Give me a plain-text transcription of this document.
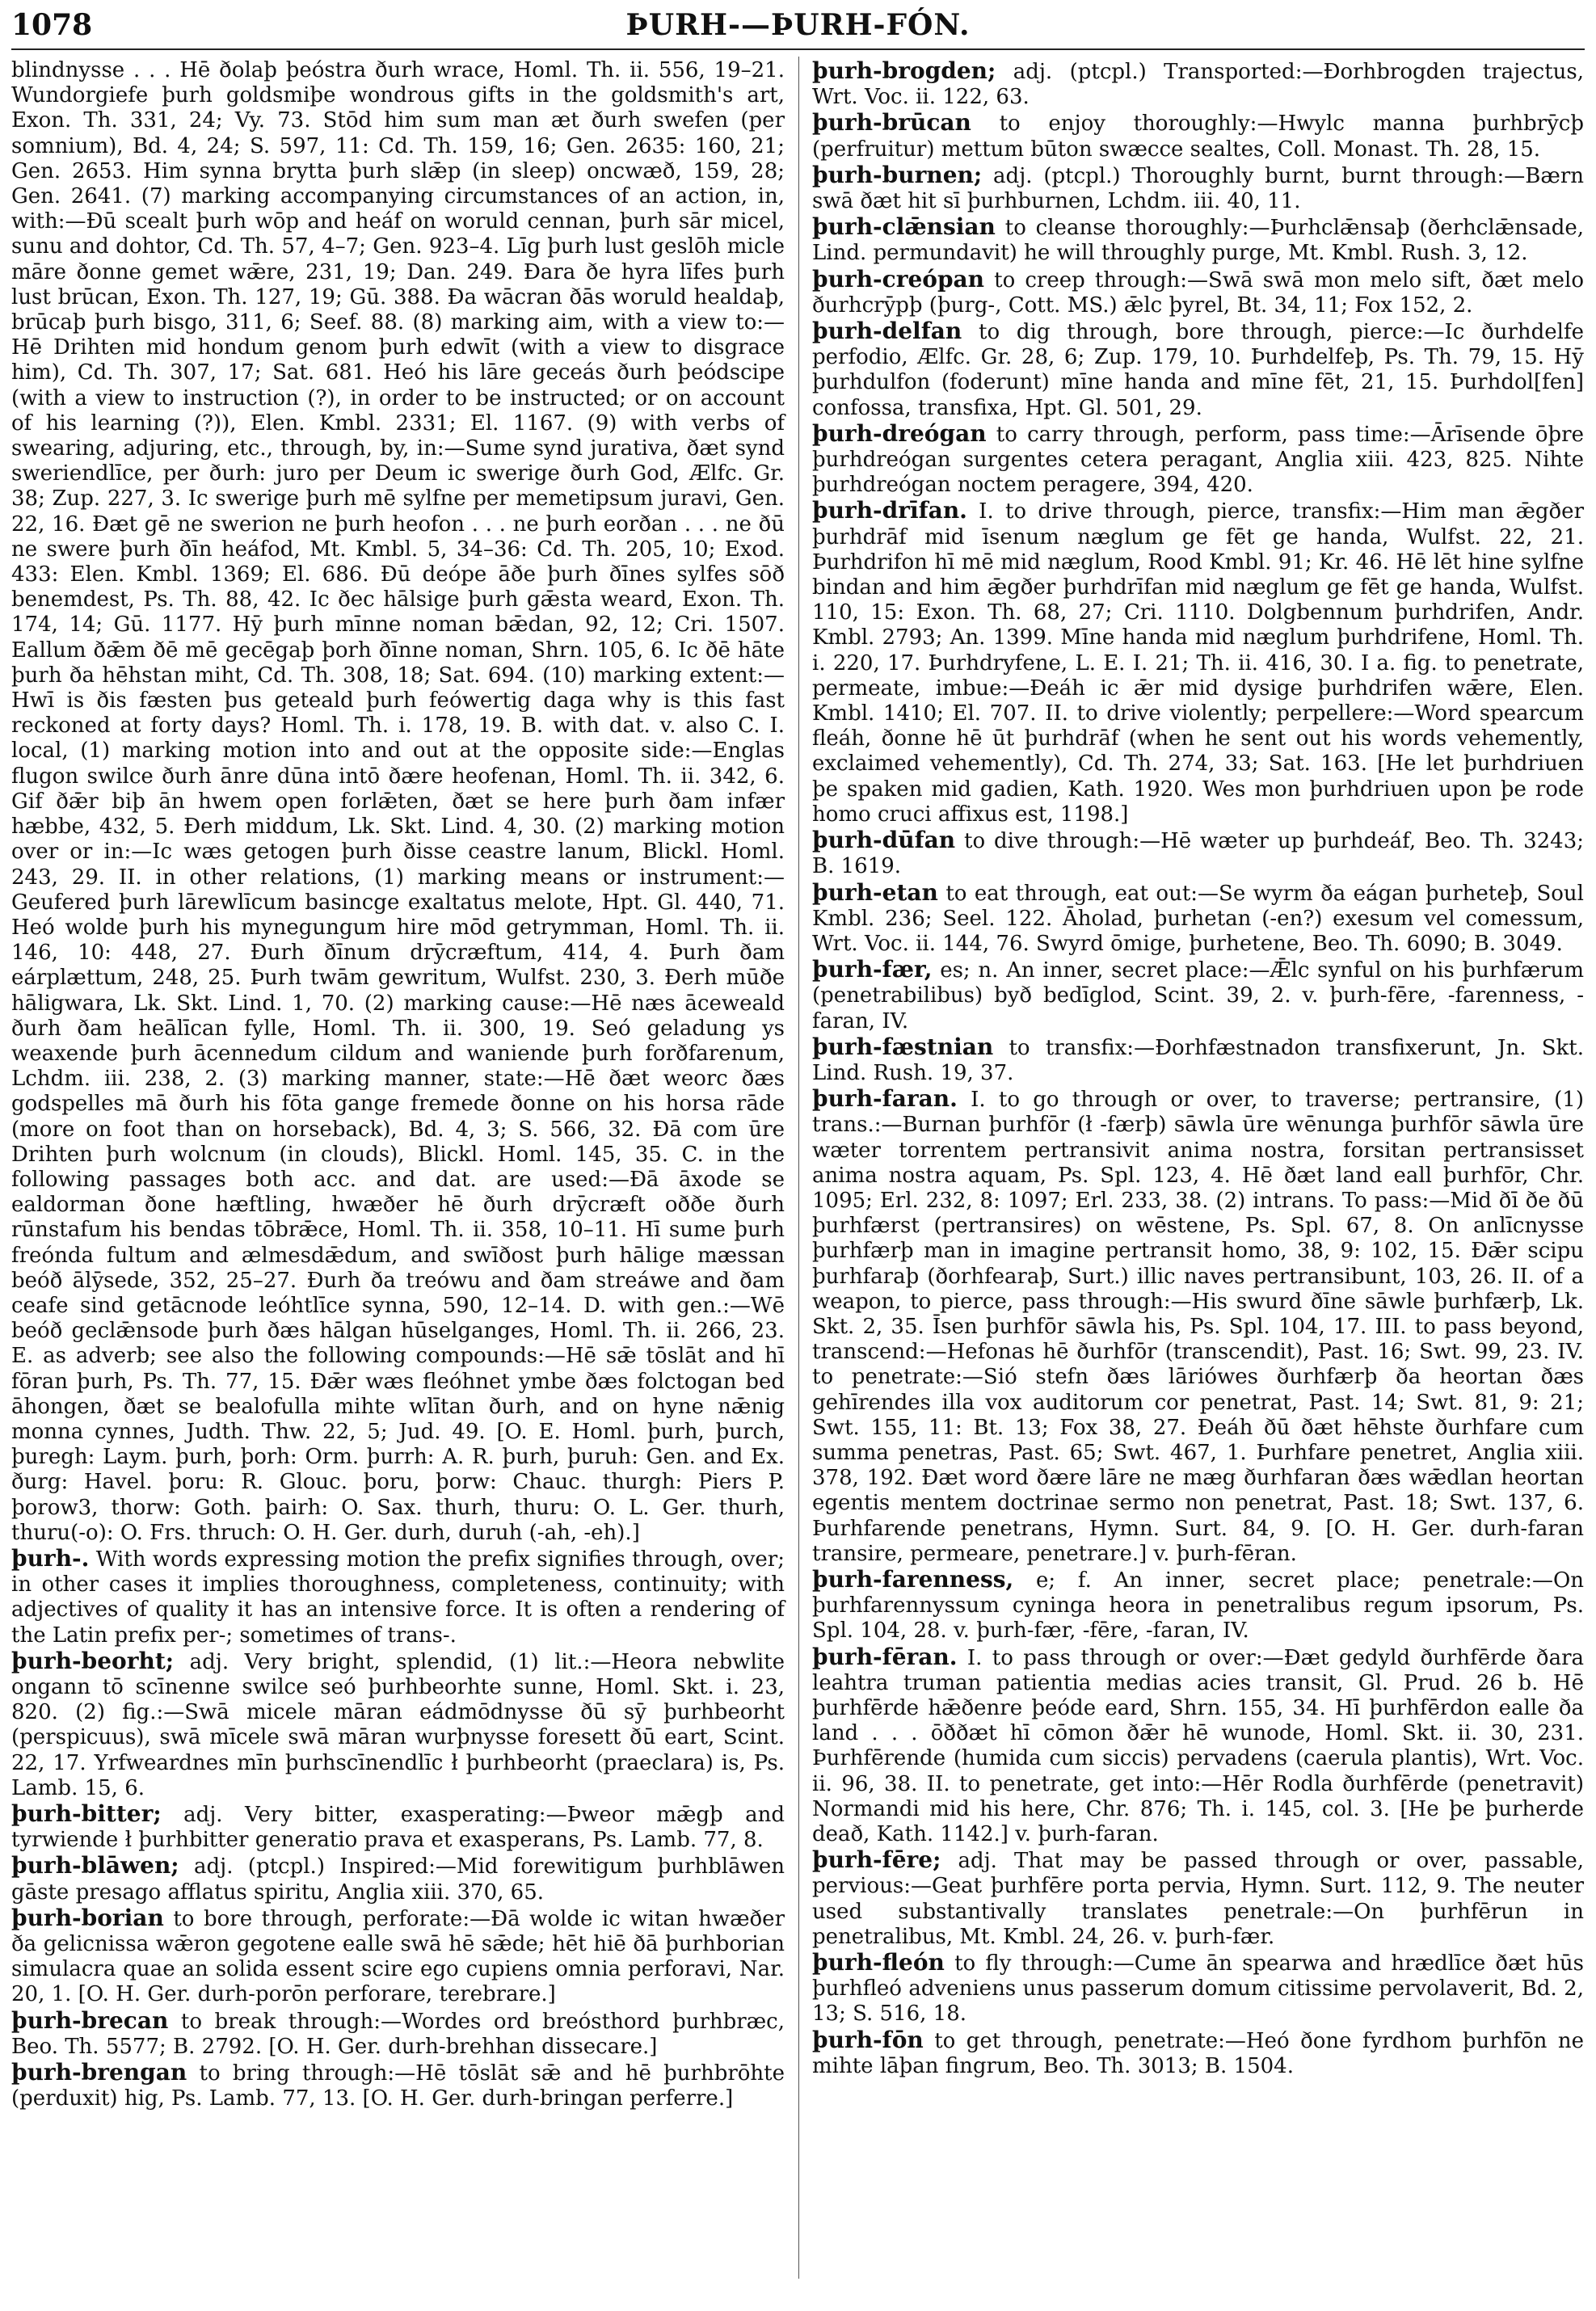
1078	ÞURH-—ÞURH-FÓN.

blindnysse . . . Hē ðolaþ þeóstra ðurh wrace, Homl. Th. ii. 556, 19–21. Wundorgiefe þurh goldsmiþe wondrous gifts in the goldsmith's art, Exon. Th. 331, 24; Vy. 73. Stōd him sum man æt ðurh swefen (per somnium), Bd. 4, 24; S. 597, 11: Cd. Th. 159, 16; Gen. 2635: 160, 21; Gen. 2653. Him synna brytta þurh slǣp (in sleep) oncwæð, 159, 28; Gen. 2641. (7) marking accompanying circumstances of an action, in, with:—Ðū scealt þurh wōp and heáf on woruld cennan, þurh sār micel, sunu and dohtor, Cd. Th. 57, 4–7; Gen. 923–4. Līg þurh lust geslōh micle māre ðonne gemet wǣre, 231, 19; Dan. 249. Ðara ðe hyra līfes þurh lust brūcan, Exon. Th. 127, 19; Gū. 388. Ða wācran ðās woruld healdaþ, brūcaþ þurh bisgo, 311, 6; Seef. 88. (8) marking aim, with a view to:—Hē Drihten mid hondum genom þurh edwīt (with a view to disgrace him), Cd. Th. 307, 17; Sat. 681. Heó his lāre geceás ðurh þeódscipe (with a view to instruction (?), in order to be instructed; or on account of his learning (?)), Elen. Kmbl. 2331; El. 1167. (9) with verbs of swearing, adjuring, etc., through, by, in:—Sume synd jurativa, ðæt synd sweriendlīce, per ðurh: juro per Deum ic swerige ðurh God, Ælfc. Gr. 38; Zup. 227, 3. Ic swerige þurh mē sylfne per memetipsum juravi, Gen. 22, 16. Ðæt gē ne swerion ne þurh heofon . . . ne þurh eorðan . . . ne ðū ne swere þurh ðīn heáfod, Mt. Kmbl. 5, 34–36: Cd. Th. 205, 10; Exod. 433: Elen. Kmbl. 1369; El. 686. Ðū deópe āðe þurh ðīnes sylfes sōð benemdest, Ps. Th. 88, 42. Ic ðec hālsige þurh gǣsta weard, Exon. Th. 174, 14; Gū. 1177. Hȳ þurh mīnne noman bǣdan, 92, 12; Cri. 1507. Eallum ðǣm ðē mē gecēgaþ þorh ðīnne noman, Shrn. 105, 6. Ic ðē hāte þurh ða hēhstan miht, Cd. Th. 308, 18; Sat. 694. (10) marking extent:—Hwī is ðis fæsten þus geteald þurh feówertig daga why is this fast reckoned at forty days? Homl. Th. i. 178, 19. B. with dat. v. also C. I. local, (1) marking motion into and out at the opposite side:—Englas flugon swilce ðurh ānre dūna intō ðære heofenan, Homl. Th. ii. 342, 6. Gif ðǣr biþ ān hwem open forlǣten, ðæt se here þurh ðam infær hæbbe, 432, 5. Ðerh middum, Lk. Skt. Lind. 4, 30. (2) marking motion over or in:—Ic wæs getogen þurh ðisse ceastre lanum, Blickl. Homl. 243, 29. II. in other relations, (1) marking means or instrument:—Geufered þurh lārewlīcum basincge exaltatus melote, Hpt. Gl. 440, 71. Heó wolde þurh his mynegungum hire mōd getrymman, Homl. Th. ii. 146, 10: 448, 27. Ðurh ðīnum drȳcræftum, 414, 4. Þurh ðam eárplættum, 248, 25. Þurh twām gewritum, Wulfst. 230, 3. Ðerh mūðe hāligwara, Lk. Skt. Lind. 1, 70. (2) marking cause:—Hē næs āceweald ðurh ðam heālīcan fylle, Homl. Th. ii. 300, 19. Seó geladung ys weaxende þurh ācennedum cildum and waniende þurh forðfarenum, Lchdm. iii. 238, 2. (3) marking manner, state:—Hē ðæt weorc ðæs godspelles mā ðurh his fōta gange fremede ðonne on his horsa rāde (more on foot than on horseback), Bd. 4, 3; S. 566, 32. Ðā com ūre Drihten þurh wolcnum (in clouds), Blickl. Homl. 145, 35. C. in the following passages both acc. and dat. are used:—Ðā āxode se ealdorman ðone hæftling, hwæðer hē ðurh drȳcræft oððe ðurh rūnstafum his bendas tōbrǣce, Homl. Th. ii. 358, 10–11. Hī sume þurh freónda fultum and ælmesdǣdum, and swīðost þurh hālige mæssan beóð ālȳsede, 352, 25–27. Ðurh ða treówu and ðam streáwe and ðam ceafe sind getācnode leóhtlīce synna, 590, 12–14. D. with gen.:—Wē beóð geclǣnsode þurh ðæs hālgan hūselganges, Homl. Th. ii. 266, 23. E. as adverb; see also the following compounds:—Hē sǣ tōslāt and hī fōran þurh, Ps. Th. 77, 15. Ðǣr wæs fleóhnet ymbe ðæs folctogan bed āhongen, ðæt se bealofulla mihte wlītan ðurh, and on hyne nǣnig monna cynnes, Judth. Thw. 22, 5; Jud. 49. [O. E. Homl. þurh, þurch, þuregh: Laym. þurh, þorh: Orm. þurrh: A. R. þurh, þuruh: Gen. and Ex. ðurg: Havel. þoru: R. Glouc. þoru, þorw: Chauc. thurgh: Piers P. þorow3, thorw: Goth. þairh: O. Sax. thurh, thuru: O. L. Ger. thurh, thuru(-o): O. Frs. thruch: O. H. Ger. durh, duruh (-ah, -eh).]

þurh-. With words expressing motion the prefix signifies through, over; in other cases it implies thoroughness, completeness, continuity; with adjectives of quality it has an intensive force. It is often a rendering of the Latin prefix per-; sometimes of trans-.

þurh-beorht; adj. Very bright, splendid, (1) lit.:—Heora nebwlite ongann tō scīnenne swilce seó þurhbeorhte sunne, Homl. Skt. i. 23, 820. (2) fig.:—Swā micele māran eádmōdnysse ðū sȳ þurhbeorht (perspicuus), swā mīcele swā māran wurþnysse foresett ðū eart, Scint. 22, 17. Yrfweardnes mīn þurhscīnendlīc ł þurhbeorht (praeclara) is, Ps. Lamb. 15, 6.

þurh-bitter; adj. Very bitter, exasperating:—Þweor mǣgþ and tyrwiende ł þurhbitter generatio prava et exasperans, Ps. Lamb. 77, 8.

þurh-blāwen; adj. (ptcpl.) Inspired:—Mid forewitigum þurhblāwen gāste presago afflatus spiritu, Anglia xiii. 370, 65.

þurh-borian to bore through, perforate:—Ðā wolde ic witan hwæðer ða gelicnissa wǣron gegotene ealle swā hē sǣde; hēt hiē ðā þurhborian simulacra quae an solida essent scire ego cupiens omnia perforavi, Nar. 20, 1. [O. H. Ger. durh-porōn perforare, terebrare.]

þurh-brecan to break through:—Wordes ord breósthord þurhbræc, Beo. Th. 5577; B. 2792. [O. H. Ger. durh-brehhan dissecare.]

þurh-brengan to bring through:—Hē tōslāt sǣ and hē þurhbrōhte (perduxit) hig, Ps. Lamb. 77, 13. [O. H. Ger. durh-bringan perferre.]

þurh-brogden; adj. (ptcpl.) Transported:—Ðorhbrogden trajectus, Wrt. Voc. ii. 122, 63.

þurh-brūcan to enjoy thoroughly:—Hwylc manna þurhbrȳcþ (perfruitur) mettum būton swæcce sealtes, Coll. Monast. Th. 28, 15.

þurh-burnen; adj. (ptcpl.) Thoroughly burnt, burnt through:—Bærn swā ðæt hit sī þurhburnen, Lchdm. iii. 40, 11.

þurh-clǣnsian to cleanse thoroughly:—Þurhclǣnsaþ (ðerhclǣnsade, Lind. permundavit) he will throughly purge, Mt. Kmbl. Rush. 3, 12.

þurh-creópan to creep through:—Swā swā mon melo sift, ðæt melo ðurhcrȳpþ (þurg-, Cott. MS.) ǣlc þyrel, Bt. 34, 11; Fox 152, 2.

þurh-delfan to dig through, bore through, pierce:—Ic ðurhdelfe perfodio, Ælfc. Gr. 28, 6; Zup. 179, 10. Þurhdelfeþ, Ps. Th. 79, 15. Hȳ þurhdulfon (foderunt) mīne handa and mīne fēt, 21, 15. Þurhdol[fen] confossa, transfixa, Hpt. Gl. 501, 29.

þurh-dreógan to carry through, perform, pass time:—Ārīsende ōþre þurhdreógan surgentes cetera peragant, Anglia xiii. 423, 825. Nihte þurhdreógan noctem peragere, 394, 420.

þurh-drīfan. I. to drive through, pierce, transfix:—Him man ǣgðer þurhdrāf mid īsenum næglum ge fēt ge handa, Wulfst. 22, 21. Þurhdrifon hī mē mid næglum, Rood Kmbl. 91; Kr. 46. Hē lēt hine sylfne bindan and him ǣgðer þurhdrīfan mid næglum ge fēt ge handa, Wulfst. 110, 15: Exon. Th. 68, 27; Cri. 1110. Dolgbennum þurhdrifen, Andr. Kmbl. 2793; An. 1399. Mīne handa mid næglum þurhdrifene, Homl. Th. i. 220, 17. Þurhdryfene, L. E. I. 21; Th. ii. 416, 30. I a. fig. to penetrate, permeate, imbue:—Ðeáh ic ǣr mid dysige þurhdrifen wǣre, Elen. Kmbl. 1410; El. 707. II. to drive violently; perpellere:—Word spearcum fleáh, ðonne hē ūt þurhdrāf (when he sent out his words vehemently, exclaimed vehemently), Cd. Th. 274, 33; Sat. 163. [He let þurhdriuen þe spaken mid gadien, Kath. 1920. Wes mon þurhdriuen upon þe rode homo cruci affixus est, 1198.]

þurh-dūfan to dive through:—Hē wæter up þurhdeáf, Beo. Th. 3243; B. 1619.

þurh-etan to eat through, eat out:—Se wyrm ða eágan þurheteþ, Soul Kmbl. 236; Seel. 122. Āholad, þurhetan (-en?) exesum vel comessum, Wrt. Voc. ii. 144, 76. Swyrd ōmige, þurhetene, Beo. Th. 6090; B. 3049.

þurh-fær, es; n. An inner, secret place:—Ǣlc synful on his þurhfærum (penetrabilibus) byð bedīglod, Scint. 39, 2. v. þurh-fēre, -farenness, -faran, IV.

þurh-fæstnian to transfix:—Ðorhfæstnadon transfixerunt, Jn. Skt. Lind. Rush. 19, 37.

þurh-faran. I. to go through or over, to traverse; pertransire, (1) trans.:—Burnan þurhfōr (ł -færþ) sāwla ūre wēnunga þurhfōr sāwla ūre wæter torrentem pertransivit anima nostra, forsitan pertransisset anima nostra aquam, Ps. Spl. 123, 4. Hē ðæt land eall þurhfōr, Chr. 1095; Erl. 232, 8: 1097; Erl. 233, 38. (2) intrans. To pass:—Mid ðī ðe ðū þurhfærst (pertransires) on wēstene, Ps. Spl. 67, 8. On anlīcnysse þurhfærþ man in imagine pertransit homo, 38, 9: 102, 15. Ðǣr scipu þurhfaraþ (ðorhfearaþ, Surt.) illic naves pertransibunt, 103, 26. II. of a weapon, to pierce, pass through:—His swurd ðīne sāwle þurhfærþ, Lk. Skt. 2, 35. Īsen þurhfōr sāwla his, Ps. Spl. 104, 17. III. to pass beyond, transcend:—Hefonas hē ðurhfōr (transcendit), Past. 16; Swt. 99, 23. IV. to penetrate:—Sió stefn ðæs lāriówes ðurhfærþ ða heortan ðæs gehīrendes illa vox auditorum cor penetrat, Past. 14; Swt. 81, 9: 21; Swt. 155, 11: Bt. 13; Fox 38, 27. Ðeáh ðū ðæt hēhste ðurhfare cum summa penetras, Past. 65; Swt. 467, 1. Þurhfare penetret, Anglia xiii. 378, 192. Ðæt word ðære lāre ne mæg ðurhfaran ðæs wǣdlan heortan egentis mentem doctrinae sermo non penetrat, Past. 18; Swt. 137, 6. Þurhfarende penetrans, Hymn. Surt. 84, 9. [O. H. Ger. durh-faran transire, permeare, penetrare.] v. þurh-fēran.

þurh-farenness, e; f. An inner, secret place; penetrale:—On þurhfarennyssum cyninga heora in penetralibus regum ipsorum, Ps. Spl. 104, 28. v. þurh-fær, -fēre, -faran, IV.

þurh-fēran. I. to pass through or over:—Ðæt gedyld ðurhfērde ðara leahtra truman patientia medias acies transit, Gl. Prud. 26 b. Hē þurhfērde hǣðenre þeóde eard, Shrn. 155, 34. Hī þurhfērdon ealle ða land . . . ōððæt hī cōmon ðǣr hē wunode, Homl. Skt. ii. 30, 231. Þurhfērende (humida cum siccis) pervadens (caerula plantis), Wrt. Voc. ii. 96, 38. II. to penetrate, get into:—Hēr Rodla ðurhfērde (penetravit) Normandi mid his here, Chr. 876; Th. i. 145, col. 3. [He þe þurherde deað, Kath. 1142.] v. þurh-faran.

þurh-fēre; adj. That may be passed through or over, passable, pervious:—Geat þurhfēre porta pervia, Hymn. Surt. 112, 9. The neuter used substantivally translates penetrale:—On þurhfērun in penetralibus, Mt. Kmbl. 24, 26. v. þurh-fær.

þurh-fleón to fly through:—Cume ān spearwa and hrædlīce ðæt hūs þurhfleó adveniens unus passerum domum citissime pervolaverit, Bd. 2, 13; S. 516, 18.

þurh-fōn to get through, penetrate:—Heó ðone fyrdhom þurhfōn ne mihte lāþan fingrum, Beo. Th. 3013; B. 1504.
